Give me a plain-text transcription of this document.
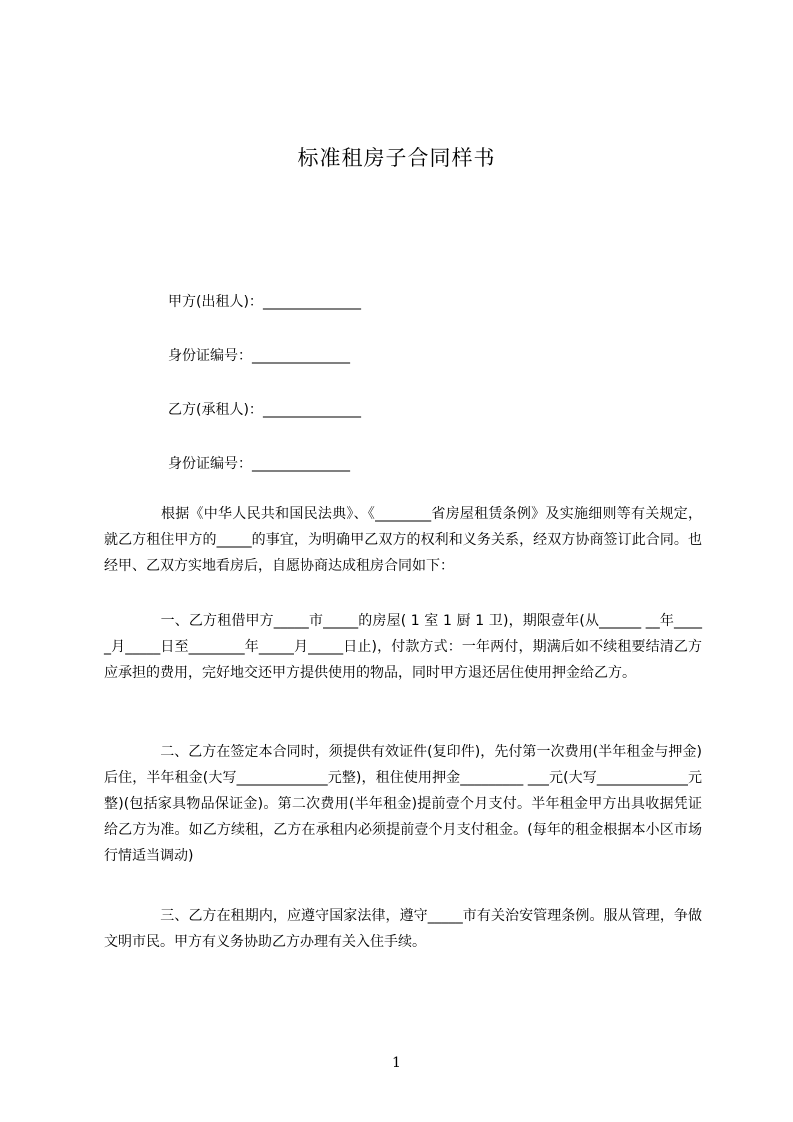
标准租房子合同样书
甲方(出租人)：______________
身份证编号：______________
乙方(承租人)：______________
身份证编号：______________

　　　　根据《中华人民共和国民法典》、《________省房屋租赁条例》及实施细则等有关规定，就乙方租住甲方的_____的事宜，为明确甲乙双方的权利和义务关系，经双方协商签订此合同。也经甲、乙双方实地看房后，自愿协商达成租房合同如下：

　　　　一、乙方租借甲方_____市_____的房屋( 1 室 1 厨 1 卫)，期限壹年(从______ __年_____月_____日至________年_____月_____日止)，付款方式：一年两付，期满后如不续租要结清乙方应承担的费用，完好地交还甲方提供使用的物品，同时甲方退还居住使用押金给乙方。

　　　　二、乙方在签定本合同时，须提供有效证件(复印件)，先付第一次费用(半年租金与押金)后住，半年租金(大写_____________元整)，租住使用押金_________ ___元(大写_____________元整)(包括家具物品保证金)。第二次费用(半年租金)提前壹个月支付。半年租金甲方出具收据凭证给乙方为准。如乙方续租，乙方在承租内必须提前壹个月支付租金。(每年的租金根据本小区市场行情适当调动)

　　　　三、乙方在租期内，应遵守国家法律，遵守_____市有关治安管理条例。服从管理，争做文明市民。甲方有义务协助乙方办理有关入住手续。

1
